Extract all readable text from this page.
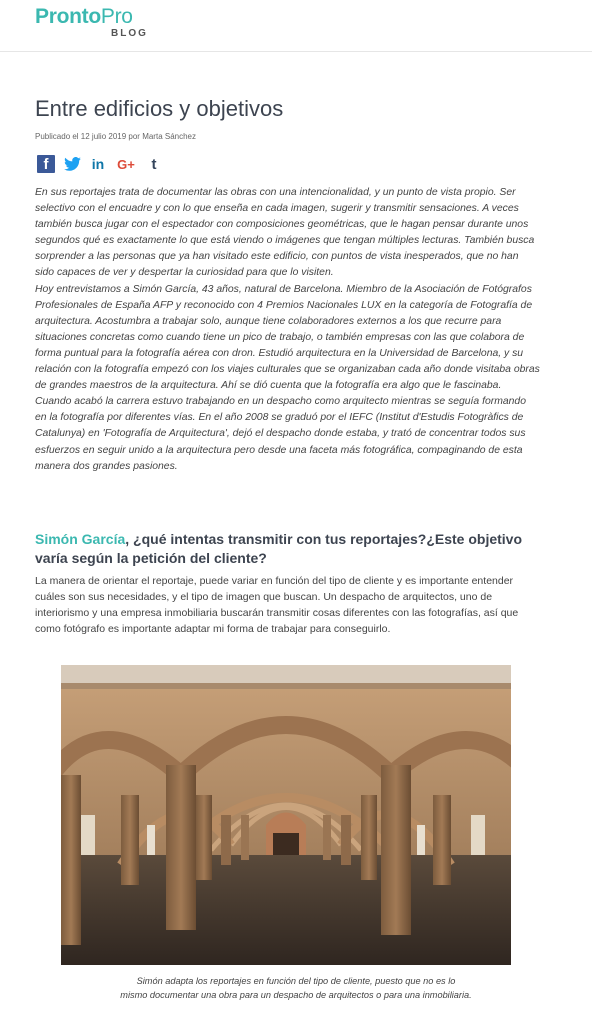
ProntoPro
BLOG
Entre edificios y objetivos
Publicado el 12 julio 2019 por Marta Sánchez
f	in G+	t

En sus reportajes trata de documentar las obras con una intencionalidad, y un punto de vista propio. Ser selectivo con el encuadre y con lo que enseña en cada imagen, sugerir y transmitir sensaciones. A veces también busca jugar con el espectador con composiciones geométricas, que le hagan pensar durante unos segundos qué es exactamente lo que está viendo o imágenes que tengan múltiples lecturas. También busca sorprender a las personas que ya han visitado este edificio, con puntos de vista inesperados, que no han sido capaces de ver y despertar la curiosidad para que lo visiten.

Hoy entrevistamos a Simón García, 43 años, natural de Barcelona. Miembro de la Asociación de Fotógrafos Profesionales de España AFP y reconocido con 4 Premios Nacionales LUX en la categoría de Fotografía de arquitectura. Acostumbra a trabajar solo, aunque tiene colaboradores externos a los que recurre para situaciones concretas como cuando tiene un pico de trabajo, o también empresas con las que colabora de forma puntual para la fotografía aérea con dron. Estudió arquitectura en la Universidad de Barcelona, y su relación con la fotografía empezó con los viajes culturales que se organizaban cada año donde visitaba obras de grandes maestros de la arquitectura. Ahí se dió cuenta que la fotografía era algo que le fascinaba. Cuando acabó la carrera estuvo trabajando en un despacho como arquitecto mientras se seguía formando en la fotografía por diferentes vías. En el año 2008 se graduó por el IEFC (Institut d'Estudis Fotogràfics de Catalunya) en 'Fotografía de Arquitectura', dejó el despacho donde estaba, y trató de concentrar todos sus esfuerzos en seguir unido a la arquitectura pero desde una faceta más fotográfica, compaginando de esta manera dos grandes pasiones.

Simón García, ¿qué intentas transmitir con tus reportajes?¿Este objetivo varía según la petición del cliente?

La manera de orientar el reportaje, puede variar en función del tipo de cliente y es importante entender cuáles son sus necesidades, y el tipo de imagen que buscan. Un despacho de arquitectos, uno de interiorismo y una empresa inmobiliaria buscarán transmitir cosas diferentes con las fotografías, así que como fotógrafo es importante adaptar mi forma de trabajar para conseguirlo.

Simón adapta los reportajes en función del tipo de cliente, puesto que no es lo
mismo documentar una obra para un despacho de arquitectos o para una inmobiliaria.
